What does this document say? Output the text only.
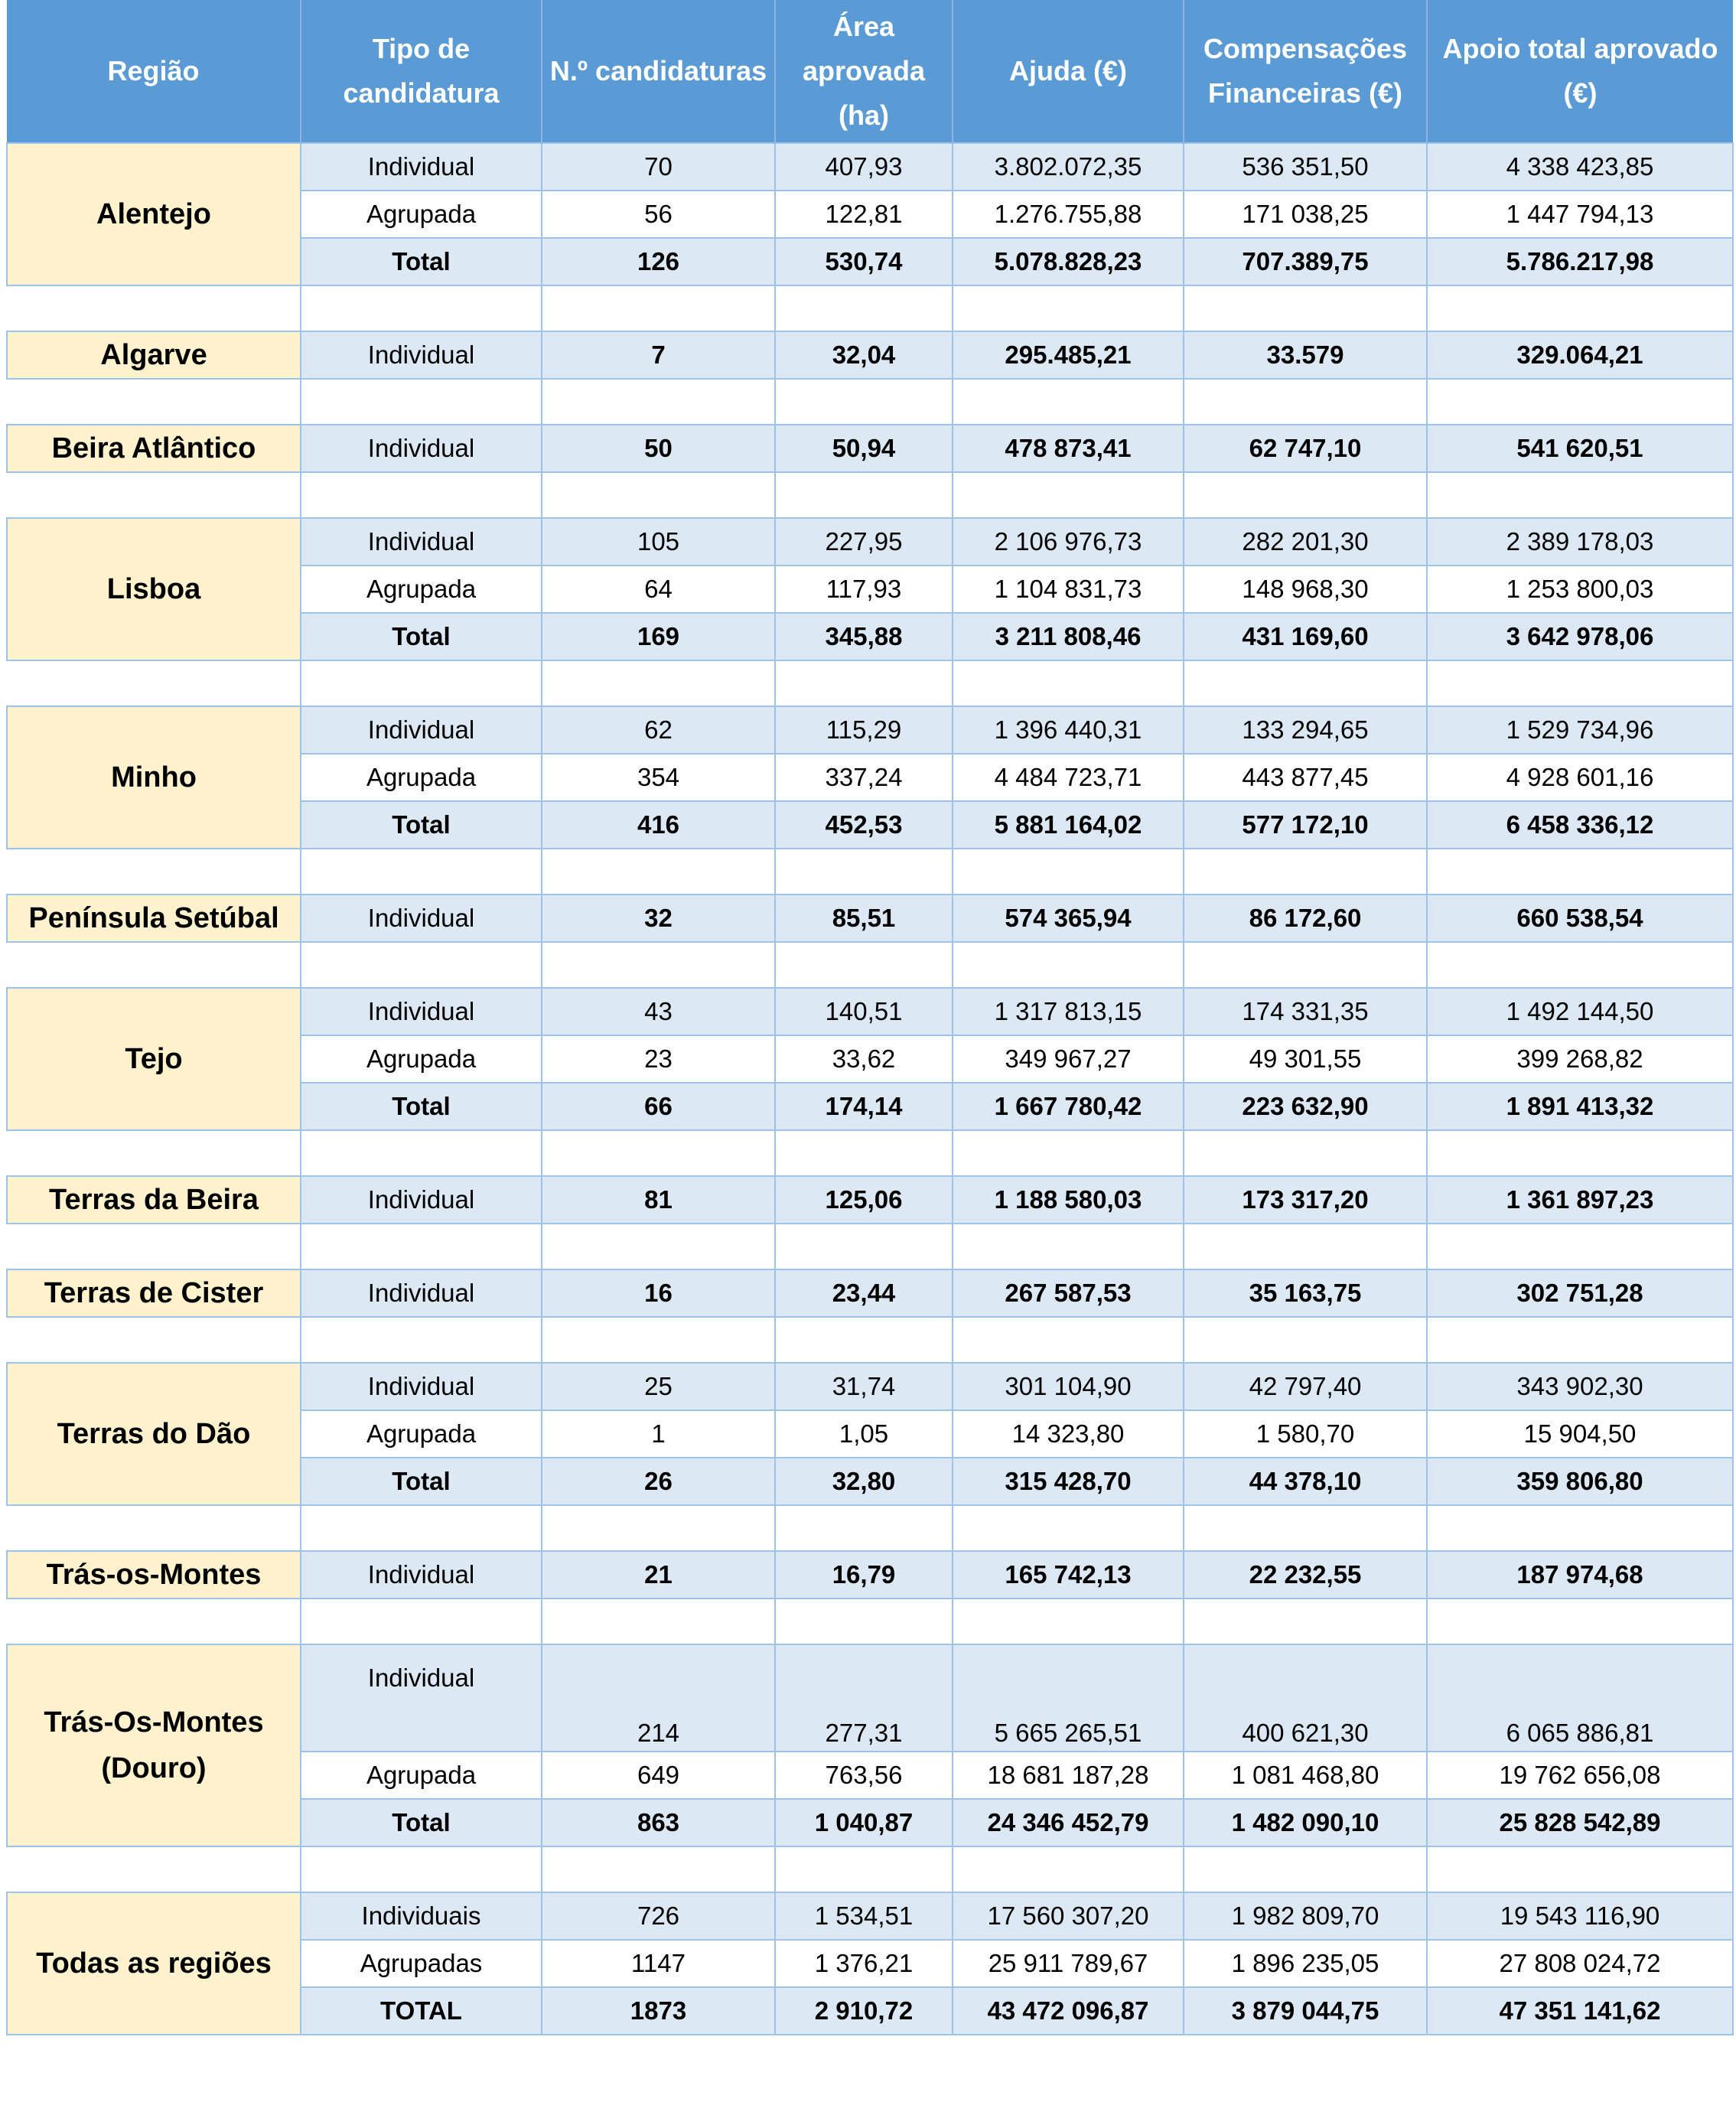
Região	Tipo de candidatura	N.º candidaturas	Área aprovada (ha)	Ajuda (€)	Compensações Financeiras (€)	Apoio total aprovado (€)
Alentejo	Individual	70	407,93	3.802.072,35	536 351,50	4 338 423,85
	Agrupada	56	122,81	1.276.755,88	171 038,25	1 447 794,13
	Total	126	530,74	5.078.828,23	707.389,75	5.786.217,98

Algarve	Individual	7	32,04	295.485,21	33.579	329.064,21

Beira Atlântico	Individual	50	50,94	478 873,41	62 747,10	541 620,51

Lisboa	Individual	105	227,95	2 106 976,73	282 201,30	2 389 178,03
	Agrupada	64	117,93	1 104 831,73	148 968,30	1 253 800,03
	Total	169	345,88	3 211 808,46	431 169,60	3 642 978,06

Minho	Individual	62	115,29	1 396 440,31	133 294,65	1 529 734,96
	Agrupada	354	337,24	4 484 723,71	443 877,45	4 928 601,16
	Total	416	452,53	5 881 164,02	577 172,10	6 458 336,12

Península Setúbal	Individual	32	85,51	574 365,94	86 172,60	660 538,54

Tejo	Individual	43	140,51	1 317 813,15	174 331,35	1 492 144,50
	Agrupada	23	33,62	349 967,27	49 301,55	399 268,82
	Total	66	174,14	1 667 780,42	223 632,90	1 891 413,32

Terras da Beira	Individual	81	125,06	1 188 580,03	173 317,20	1 361 897,23

Terras de Cister	Individual	16	23,44	267 587,53	35 163,75	302 751,28

Terras do Dão	Individual	25	31,74	301 104,90	42 797,40	343 902,30
	Agrupada	1	1,05	14 323,80	1 580,70	15 904,50
	Total	26	32,80	315 428,70	44 378,10	359 806,80

Trás-os-Montes	Individual	21	16,79	165 742,13	22 232,55	187 974,68

Trás-Os-Montes (Douro)	Individual	214	277,31	5 665 265,51	400 621,30	6 065 886,81
	Agrupada	649	763,56	18 681 187,28	1 081 468,80	19 762 656,08
	Total	863	1 040,87	24 346 452,79	1 482 090,10	25 828 542,89

Todas as regiões	Individuais	726	1 534,51	17 560 307,20	1 982 809,70	19 543 116,90
	Agrupadas	1147	1 376,21	25 911 789,67	1 896 235,05	27 808 024,72
	TOTAL	1873	2 910,72	43 472 096,87	3 879 044,75	47 351 141,62
